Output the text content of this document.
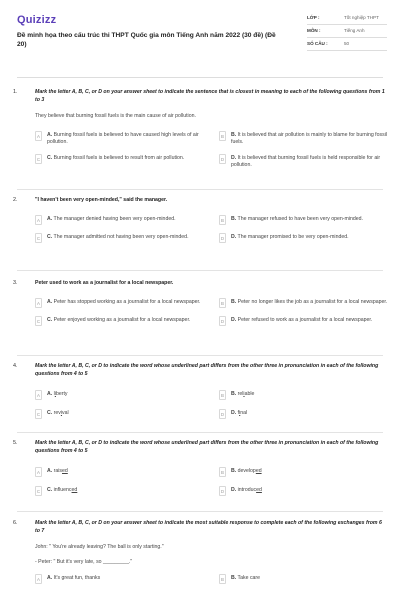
Quizizz
Đề minh họa theo cấu trúc thi THPT Quốc gia môn Tiếng Anh năm 2022 (30 đề) (Đề 20)
LỚP :	Tốt nghiệp THPT
MÔN :	Tiếng Anh
SỐ CÂU :	50
1.	Mark the letter A, B, C, or D on your answer sheet to indicate the sentence that is closest in meaning to each of the following questions from 1 to 3
They believe that burning fossil fuels is the main cause of air pollution.
A	A. Burning fossil fuels is believed to have caused high levels of air pollution.
B	B. It is believed that air pollution is mainly to blame for burning fossil fuels.
C	C. Burning fossil fuels is believed to result from air pollution.	D	D. It is believed that burning fossil fuels is held responsible for air pollution.
2.	"I haven't been very open-minded," said the manager.
A	A. The manager denied having been very open-minded.	B	B. The manager refused to have been very open-minded.
C	C. The manager admitted not having been very open-minded.	D	D. The manager promised to be very open-minded.
3.	Peter used to work as a journalist for a local newspaper.
A	A. Peter has stopped working as a journalist for a local newspaper.	B	B. Peter no longer likes the job as a journalist for a local newspaper.
C	C. Peter enjoyed working as a journalist for a local newspaper.	D	D. Peter refused to work as a journalist for a local newspaper.
4.	Mark the letter A, B, C, or D to indicate the word whose underlined part differs from the other three in pronunciation in each of the following questions from 4 to 5
A	A. liberty	B	B. reliable
C	C. revival	D	D. final
5.	Mark the letter A, B, C, or D to indicate the word whose underlined part differs from the other three in pronunciation in each of the following questions from 4 to 5
A	A. raised	B	B. developed
C	C. influenced	D	D. introduced
6.	Mark the letter A, B, C, or D on your answer sheet to indicate the most suitable response to complete each of the following exchanges from 6 to 7
John: " You're already leaving? The ball is only starting."
- Peter: " But it's very late, so _________."
A	A. It's great fun, thanks	B	B. Take care
